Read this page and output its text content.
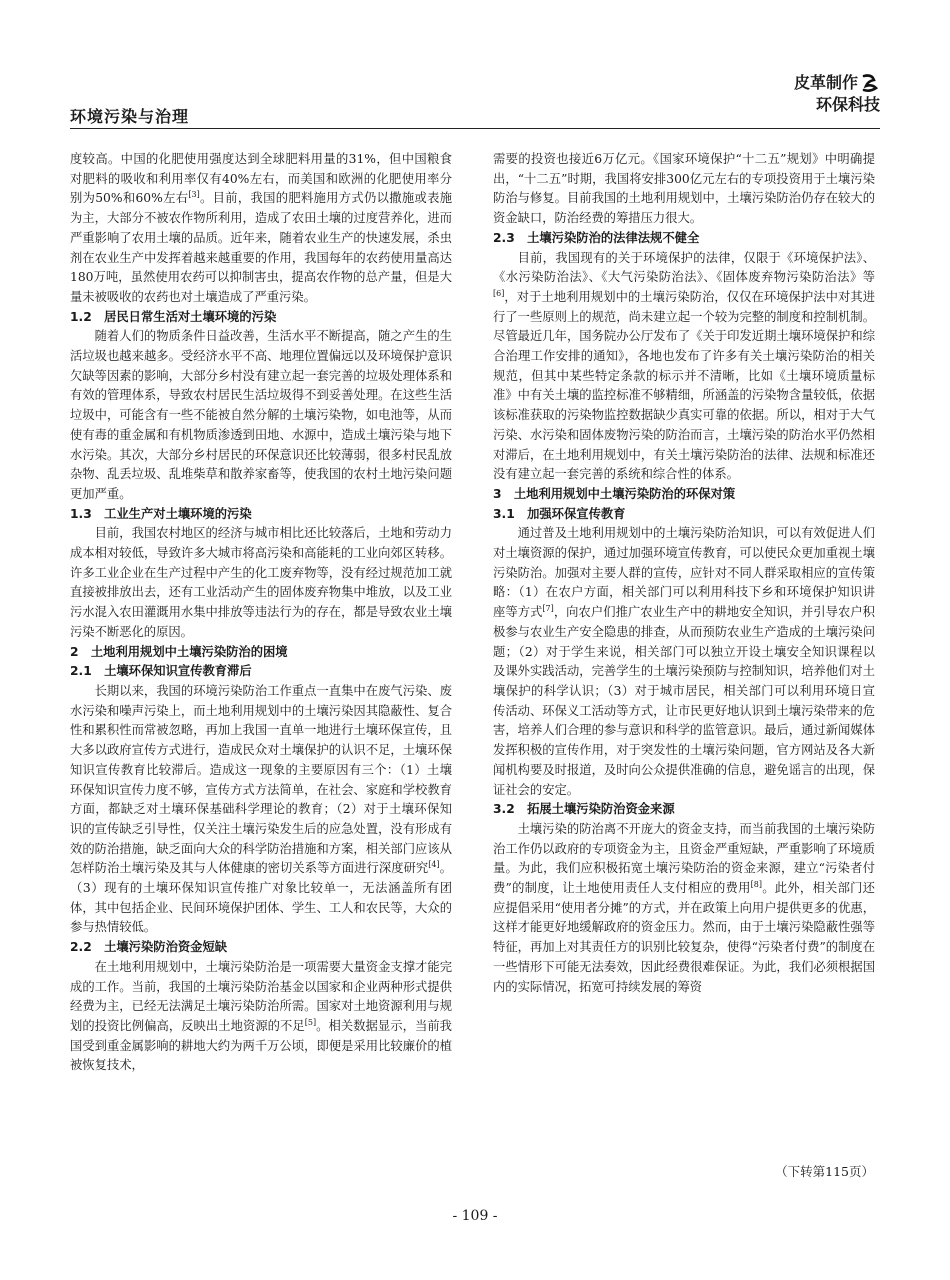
环境污染与治理
皮革制作
环保科技

度较高。中国的化肥使用强度达到全球肥料用量的31%，但中国粮食对肥料的吸收和利用率仅有40%左右，而美国和欧洲的化肥使用率分别为50%和60%左右[3]。目前，我国的肥料施用方式仍以撒施或表施为主，大部分不被农作物所利用，造成了农田土壤的过度营养化，进而严重影响了农用土壤的品质。近年来，随着农业生产的快速发展，杀虫剂在农业生产中发挥着越来越重要的作用，我国每年的农药使用量高达180万吨，虽然使用农药可以抑制害虫，提高农作物的总产量，但是大量未被吸收的农药也对土壤造成了严重污染。

1.2　居民日常生活对土壤环境的污染

随着人们的物质条件日益改善，生活水平不断提高，随之产生的生活垃圾也越来越多。受经济水平不高、地理位置偏远以及环境保护意识欠缺等因素的影响，大部分乡村没有建立起一套完善的垃圾处理体系和有效的管理体系，导致农村居民生活垃圾得不到妥善处理。在这些生活垃圾中，可能含有一些不能被自然分解的土壤污染物，如电池等，从而使有毒的重金属和有机物质渗透到田地、水源中，造成土壤污染与地下水污染。其次，大部分乡村居民的环保意识还比较薄弱，很多村民乱放杂物、乱丢垃圾、乱堆柴草和散养家畜等，使我国的农村土地污染问题更加严重。

1.3　工业生产对土壤环境的污染

目前，我国农村地区的经济与城市相比还比较落后，土地和劳动力成本相对较低，导致许多大城市将高污染和高能耗的工业向郊区转移。许多工业企业在生产过程中产生的化工废弃物等，没有经过规范加工就直接被排放出去，还有工业活动产生的固体废弃物集中堆放，以及工业污水混入农田灌溉用水集中排放等违法行为的存在，都是导致农业土壤污染不断恶化的原因。

2　土地利用规划中土壤污染防治的困境
2.1　土壤环保知识宣传教育滞后

长期以来，我国的环境污染防治工作重点一直集中在废气污染、废水污染和噪声污染上，而土地利用规划中的土壤污染因其隐蔽性、复合性和累积性而常被忽略，再加上我国一直单一地进行土壤环保宣传，且大多以政府宣传方式进行，造成民众对土壤保护的认识不足，土壤环保知识宣传教育比较滞后。造成这一现象的主要原因有三个：（1）土壤环保知识宣传力度不够，宣传方式方法简单，在社会、家庭和学校教育方面，都缺乏对土壤环保基础科学理论的教育；（2）对于土壤环保知识的宣传缺乏引导性，仅关注土壤污染发生后的应急处置，没有形成有效的防治措施，缺乏面向大众的科学防治措施和方案，相关部门应该从怎样防治土壤污染及其与人体健康的密切关系等方面进行深度研究[4]。（3）现有的土壤环保知识宣传推广对象比较单一，无法涵盖所有团体，其中包括企业、民间环境保护团体、学生、工人和农民等，大众的参与热情较低。

2.2　土壤污染防治资金短缺

在土地利用规划中，土壤污染防治是一项需要大量资金支撑才能完成的工作。当前，我国的土壤污染防治基金以国家和企业两种形式提供经费为主，已经无法满足土壤污染防治所需。国家对土地资源利用与规划的投资比例偏高，反映出土地资源的不足[5]。相关数据显示，当前我国受到重金属影响的耕地大约为两千万公顷，即便是采用比较廉价的植被恢复技术，

需要的投资也接近6万亿元。《国家环境保护“十二五”规划》中明确提出，“十二五”时期，我国将安排300亿元左右的专项投资用于土壤污染防治与修复。目前我国的土地利用规划中，土壤污染防治仍存在较大的资金缺口，防治经费的筹措压力很大。

2.3　土壤污染防治的法律法规不健全

目前，我国现有的关于环境保护的法律，仅限于《环境保护法》、《水污染防治法》、《大气污染防治法》、《固体废弃物污染防治法》等[6]，对于土地利用规划中的土壤污染防治，仅仅在环境保护法中对其进行了一些原则上的规范，尚未建立起一个较为完整的制度和控制机制。尽管最近几年，国务院办公厅发布了《关于印发近期土壤环境保护和综合治理工作安排的通知》，各地也发布了许多有关土壤污染防治的相关规范，但其中某些特定条款的标示并不清晰，比如《土壤环境质量标准》中有关土壤的监控标准不够精细，所涵盖的污染物含量较低，依据该标准获取的污染物监控数据缺少真实可靠的依据。所以，相对于大气污染、水污染和固体废物污染的防治而言，土壤污染的防治水平仍然相对滞后，在土地利用规划中，有关土壤污染防治的法律、法规和标准还没有建立起一套完善的系统和综合性的体系。

3　土地利用规划中土壤污染防治的环保对策
3.1　加强环保宣传教育

通过普及土地利用规划中的土壤污染防治知识，可以有效促进人们对土壤资源的保护，通过加强环境宣传教育，可以使民众更加重视土壤污染防治。加强对主要人群的宣传，应针对不同人群采取相应的宣传策略：（1）在农户方面，相关部门可以利用科技下乡和环境保护知识讲座等方式[7]，向农户们推广农业生产中的耕地安全知识，并引导农户积极参与农业生产安全隐患的排查，从而预防农业生产造成的土壤污染问题；（2）对于学生来说，相关部门可以独立开设土壤安全知识课程以及课外实践活动，完善学生的土壤污染预防与控制知识，培养他们对土壤保护的科学认识；（3）对于城市居民，相关部门可以利用环境日宣传活动、环保义工活动等方式，让市民更好地认识到土壤污染带来的危害，培养人们合理的参与意识和科学的监管意识。最后，通过新闻媒体发挥积极的宣传作用，对于突发性的土壤污染问题，官方网站及各大新闻机构要及时报道，及时向公众提供准确的信息，避免谣言的出现，保证社会的安定。

3.2　拓展土壤污染防治资金来源

土壤污染的防治离不开庞大的资金支持，而当前我国的土壤污染防治工作仍以政府的专项资金为主，且资金严重短缺，严重影响了环境质量。为此，我们应积极拓宽土壤污染防治的资金来源，建立“污染者付费”的制度，让土地使用责任人支付相应的费用[8]。此外，相关部门还应提倡采用“使用者分摊”的方式，并在政策上向用户提供更多的优惠，这样才能更好地缓解政府的资金压力。然而，由于土壤污染隐蔽性强等特征，再加上对其责任方的识别比较复杂，使得“污染者付费”的制度在一些情形下可能无法奏效，因此经费很难保证。为此，我们必须根据国内的实际情况，拓宽可持续发展的筹资

（下转第115页）
- 109 -
